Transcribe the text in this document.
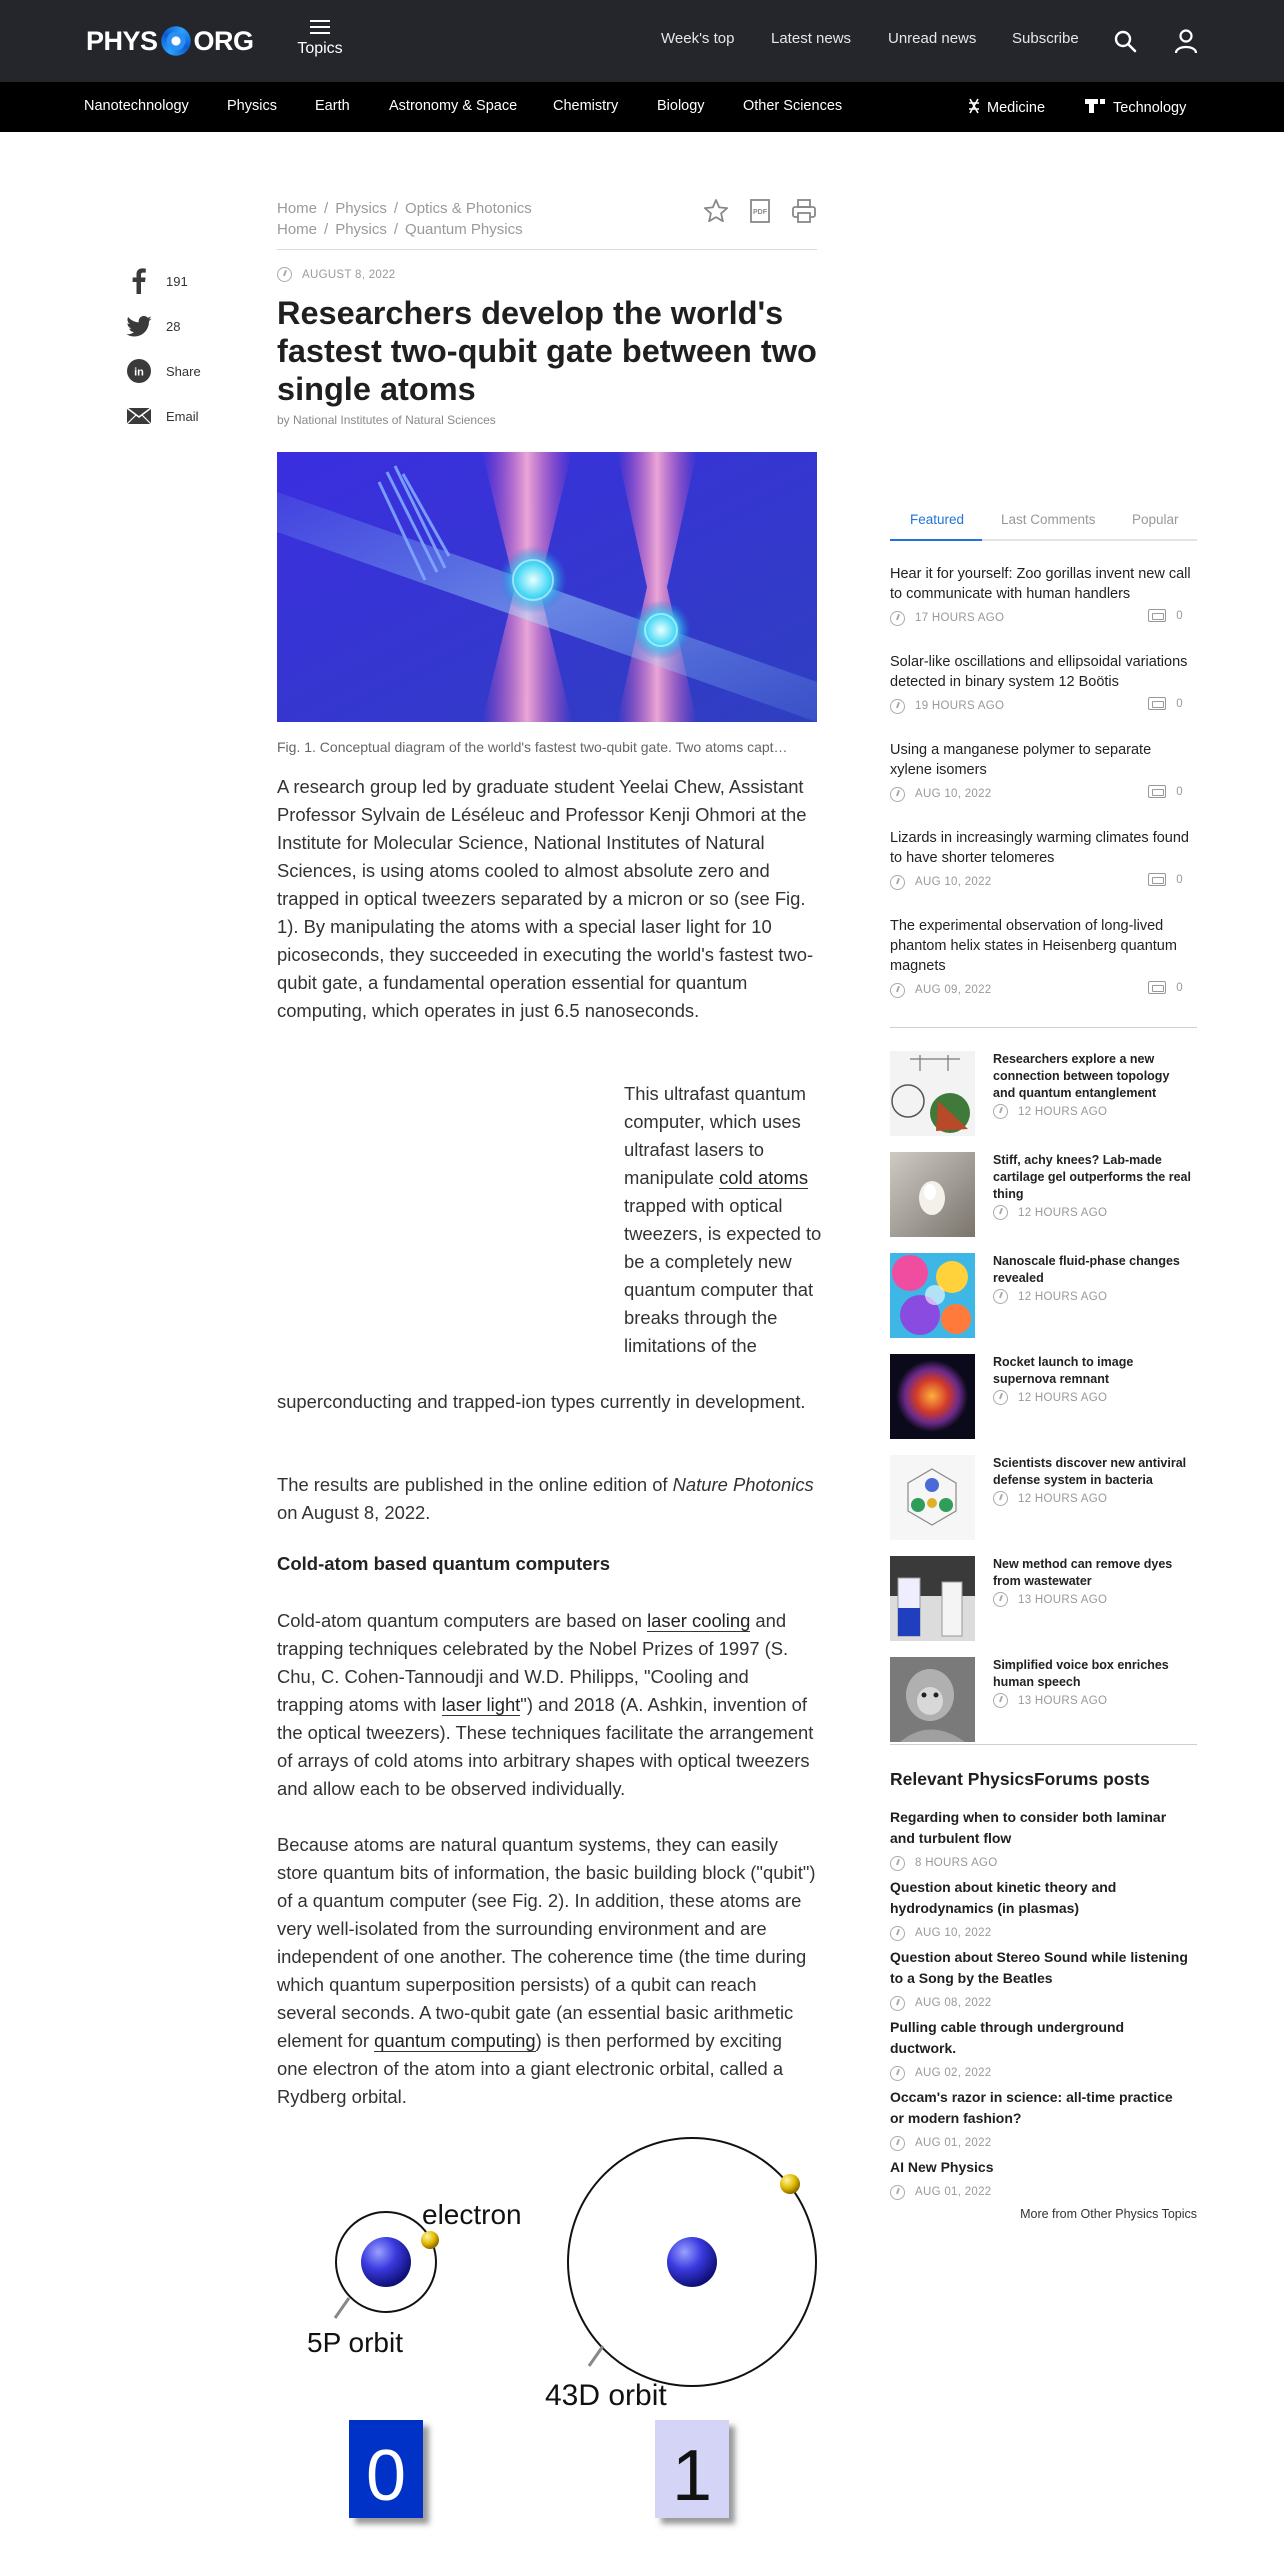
PHYS ORG	Topics
Week's top Latest news Unread news Subscribe
Nanotechnology	Physics	Earth	Astronomy & Space Chemistry	Biology	Other Sciences	Medicine	Technology
191
28
in Share
Email
Home / Physics / Optics & Photonics
Home / Physics / Quantum Physics
PDF
AUGUST 8, 2022
Researchers develop the world's fastest two-qubit gate between two single atoms
by National Institutes of Natural Sciences
Fig. 1. Conceptual diagram of the world's fastest two-qubit gate. Two atoms capt…

A research group led by graduate student Yeelai Chew, Assistant Professor Sylvain de Léséleuc and Professor Kenji Ohmori at the Institute for Molecular Science, National Institutes of Natural Sciences, is using atoms cooled to almost absolute zero and trapped in optical tweezers separated by a micron or so (see Fig. 1). By manipulating the atoms with a special laser light for 10 picoseconds, they succeeded in executing the world's fastest two-qubit gate, a fundamental operation essential for quantum computing, which operates in just 6.5 nanoseconds.

This ultrafast quantum computer, which uses ultrafast lasers to manipulate cold atoms trapped with optical tweezers, is expected to be a completely new quantum computer that breaks through the limitations of the

superconducting and trapped-ion types currently in development.

The results are published in the online edition of Nature Photonics on August 8, 2022.

Cold-atom based quantum computers

Cold-atom quantum computers are based on laser cooling and trapping techniques celebrated by the Nobel Prizes of 1997 (S. Chu, C. Cohen-Tannoudji and W.D. Philipps, "Cooling and trapping atoms with laser light") and 2018 (A. Ashkin, invention of the optical tweezers). These techniques facilitate the arrangement of arrays of cold atoms into arbitrary shapes with optical tweezers and allow each to be observed individually.

Because atoms are natural quantum systems, they can easily store quantum bits of information, the basic building block ("qubit") of a quantum computer (see Fig. 2). In addition, these atoms are very well-isolated from the surrounding environment and are independent of one another. The coherence time (the time during which quantum superposition persists) of a qubit can reach several seconds. A two-qubit gate (an essential basic arithmetic element for quantum computing) is then performed by exciting one electron of the atom into a giant electronic orbital, called a Rydberg orbital.

electron
5P orbit
43D orbit
0	1
Featured	Last Comments	Popular
Hear it for yourself: Zoo gorillas invent new call to communicate with human handlers
17 HOURS AGO	0
Solar-like oscillations and ellipsoidal variations detected in binary system 12 Boötis
19 HOURS AGO	0
Using a manganese polymer to separate xylene isomers
AUG 10, 2022	0
Lizards in increasingly warming climates found to have shorter telomeres
AUG 10, 2022	0
The experimental observation of long-lived phantom helix states in Heisenberg quantum magnets
AUG 09, 2022	0
Researchers explore a new connection between topology and quantum entanglement
12 HOURS AGO
Stiff, achy knees? Lab-made cartilage gel outperforms the real thing
12 HOURS AGO
Nanoscale fluid-phase changes revealed
12 HOURS AGO
Rocket launch to image supernova remnant
12 HOURS AGO
Scientists discover new antiviral defense system in bacteria
12 HOURS AGO
New method can remove dyes from wastewater
13 HOURS AGO
Simplified voice box enriches human speech
13 HOURS AGO
Relevant PhysicsForums posts
Regarding when to consider both laminar and turbulent flow
8 HOURS AGO
Question about kinetic theory and hydrodynamics (in plasmas)
AUG 10, 2022
Question about Stereo Sound while listening to a Song by the Beatles
AUG 08, 2022
Pulling cable through underground ductwork.
AUG 02, 2022
Occam's razor in science: all-time practice or modern fashion?
AUG 01, 2022
AI New Physics
AUG 01, 2022
More from Other Physics Topics
